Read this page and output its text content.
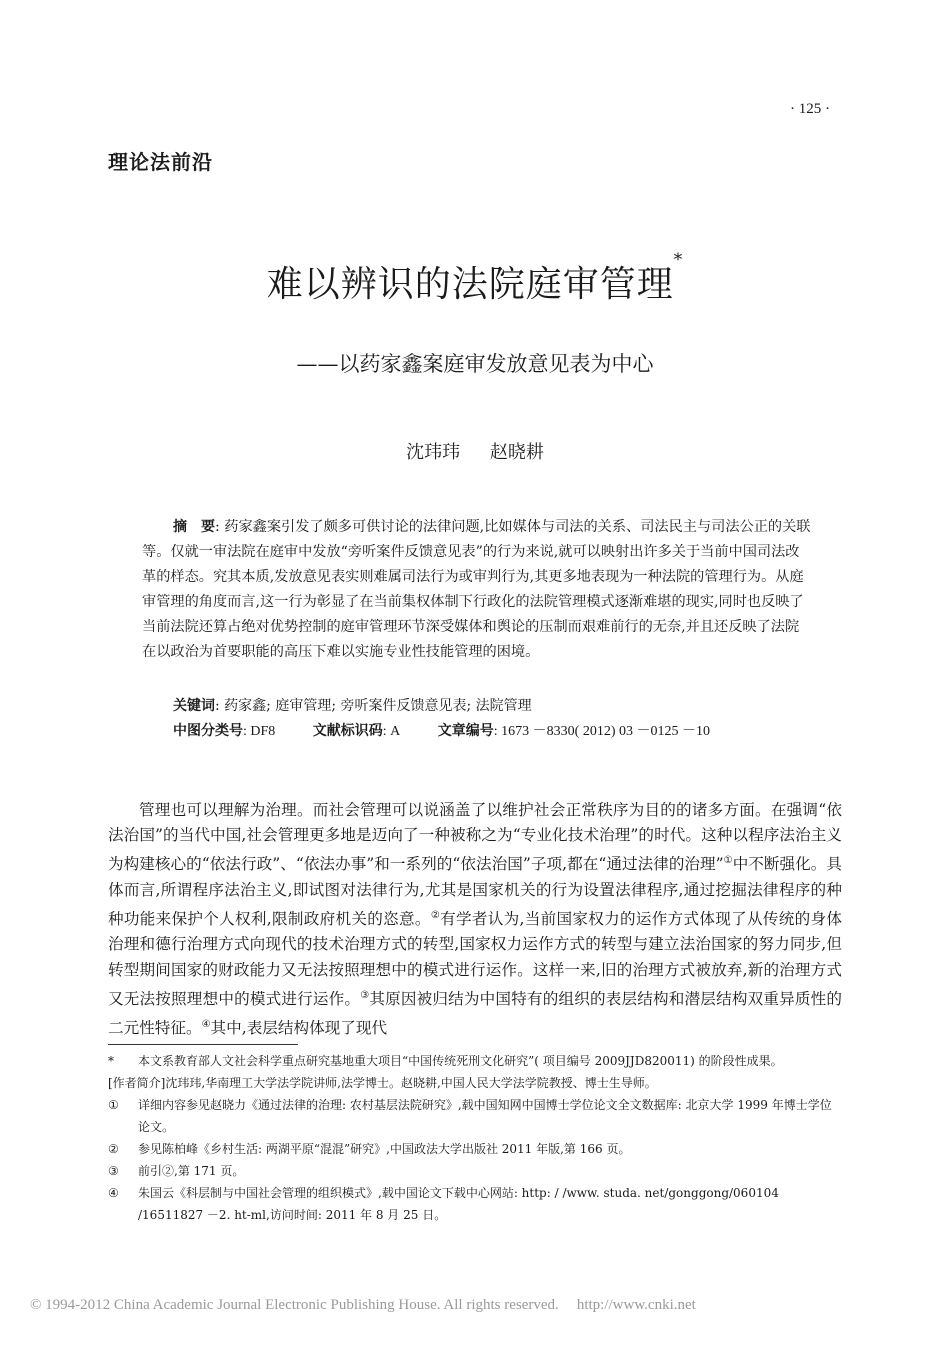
· 125 ·
理论法前沿
难以辨识的法院庭审管理*
——以药家鑫案庭审发放意见表为中心
沈玮玮 赵晓耕
摘　要: 药家鑫案引发了颇多可供讨论的法律问题,比如媒体与司法的关系、司法民主与司法公正的关联等。仅就一审法院在庭审中发放“旁听案件反馈意见表”的行为来说,就可以映射出许多关于当前中国司法改革的样态。究其本质,发放意见表实则难属司法行为或审判行为,其更多地表现为一种法院的管理行为。从庭审管理的角度而言,这一行为彰显了在当前集权体制下行政化的法院管理模式逐渐难堪的现实,同时也反映了当前法院还算占绝对优势控制的庭审管理环节深受媒体和舆论的压制而艰难前行的无奈,并且还反映了法院在以政治为首要职能的高压下难以实施专业性技能管理的困境。
关键词: 药家鑫; 庭审管理; 旁听案件反馈意见表; 法院管理
中图分类号: DF8	文献标识码: A	文章编号: 1673 －8330( 2012) 03 －0125 －10

管理也可以理解为治理。而社会管理可以说涵盖了以维护社会正常秩序为目的的诸多方面。在强调“依法治国”的当代中国,社会管理更多地是迈向了一种被称之为“专业化技术治理”的时代。这种以程序法治主义为构建核心的“依法行政”、“依法办事”和一系列的“依法治国”子项,都在“通过法律的治理”①中不断强化。具体而言,所谓程序法治主义,即试图对法律行为,尤其是国家机关的行为设置法律程序,通过挖掘法律程序的种种功能来保护个人权利,限制政府机关的恣意。②有学者认为,当前国家权力的运作方式体现了从传统的身体治理和德行治理方式向现代的技术治理方式的转型,国家权力运作方式的转型与建立法治国家的努力同步,但转型期间国家的财政能力又无法按照理想中的模式进行运作。这样一来,旧的治理方式被放弃,新的治理方式又无法按照理想中的模式进行运作。③其原因被归结为中国特有的组织的表层结构和潜层结构双重异质性的二元性特征。④其中,表层结构体现了现代

*	本文系教育部人文社会科学重点研究基地重大项目“中国传统死刑文化研究”( 项目编号 2009JJD820011) 的阶段性成果。
[作者简介]沈玮玮,华南理工大学法学院讲师,法学博士。赵晓耕,中国人民大学法学院教授、博士生导师。
①	详细内容参见赵晓力《通过法律的治理: 农村基层法院研究》,载中国知网中国博士学位论文全文数据库: 北京大学 1999 年博士学位论文。
②	参见陈柏峰《乡村生活: 两湖平原“混混”研究》,中国政法大学出版社 2011 年版,第 166 页。
③	前引②,第 171 页。
④	朱国云《科层制与中国社会管理的组织模式》,载中国论文下载中心网站: http: / /www. studa. net/gonggong/060104 /16511827 －2. ht-ml,访问时间: 2011 年 8 月 25 日。
© 1994-2012 China Academic Journal Electronic Publishing House. All rights reserved. http://www.cnki.net
